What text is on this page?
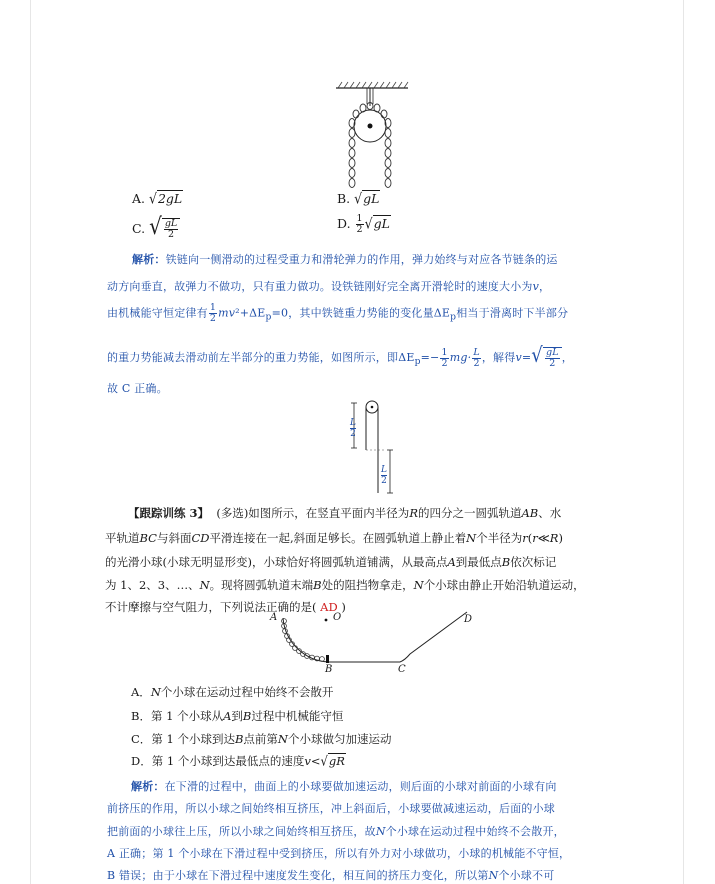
A. √2gL	B. √gL
C. √ $\frac{gL}{2}$	D. $\frac{1}{2} √gL$
解析：铁链向一侧滑动的过程受重力和滑轮弹力的作用，弹力始终与对应各节链条的运
动方向垂直，故弹力不做功，只有重力做功。设铁链刚好完全离开滑轮时的速度大小为v，
由机械能守恒定律有 $\frac{1}{2} mv^2+\Delta E_p=0$，其中铁链重力势能的变化量$\Delta E_p$相当于滑离时下半部分
的重力势能减去滑动前左半部分的重力势能，如图所示，即$\Delta E_p=- \frac{1}{2} mg\cdot \frac{L}{2}$ ，解得$v=√ \frac{gL}{2}$ ，
故 C 正确。
L
2
L
2
【跟踪训练 3】 (多选)如图所示，在竖直平面内半径为R的四分之一圆弧轨道AB、水
平轨道BC与斜面CD平滑连接在一起,斜面足够长。在圆弧轨道上静止着N个半径为r(r≪R)
的光滑小球(小球无明显形变)，小球恰好将圆弧轨道铺满，从最高点A到最低点B依次标记
为 1、2、3、…、N。现将圆弧轨道末端B处的阻挡物拿走，N个小球由静止开始沿轨道运动，
不计摩擦与空气阻力，下列说法正确的是( AD )
A	O
B	C
D
A．N个小球在运动过程中始终不会散开
B．第 1 个小球从A到B过程中机械能守恒
C．第 1 个小球到达B点前第N个小球做匀加速运动
D．第 1 个小球到达最低点的速度v<√gR
解析：在下滑的过程中，曲面上的小球要做加速运动，则后面的小球对前面的小球有向
前挤压的作用，所以小球之间始终相互挤压，冲上斜面后，小球要做减速运动，后面的小球
把前面的小球往上压，所以小球之间始终相互挤压，故N个小球在运动过程中始终不会散开，
A 正确；第 1 个小球在下滑过程中受到挤压，所以有外力对小球做功，小球的机械能不守恒，
B 错误；由于小球在下滑过程中速度发生变化，相互间的挤压力变化，所以第N个小球不可
